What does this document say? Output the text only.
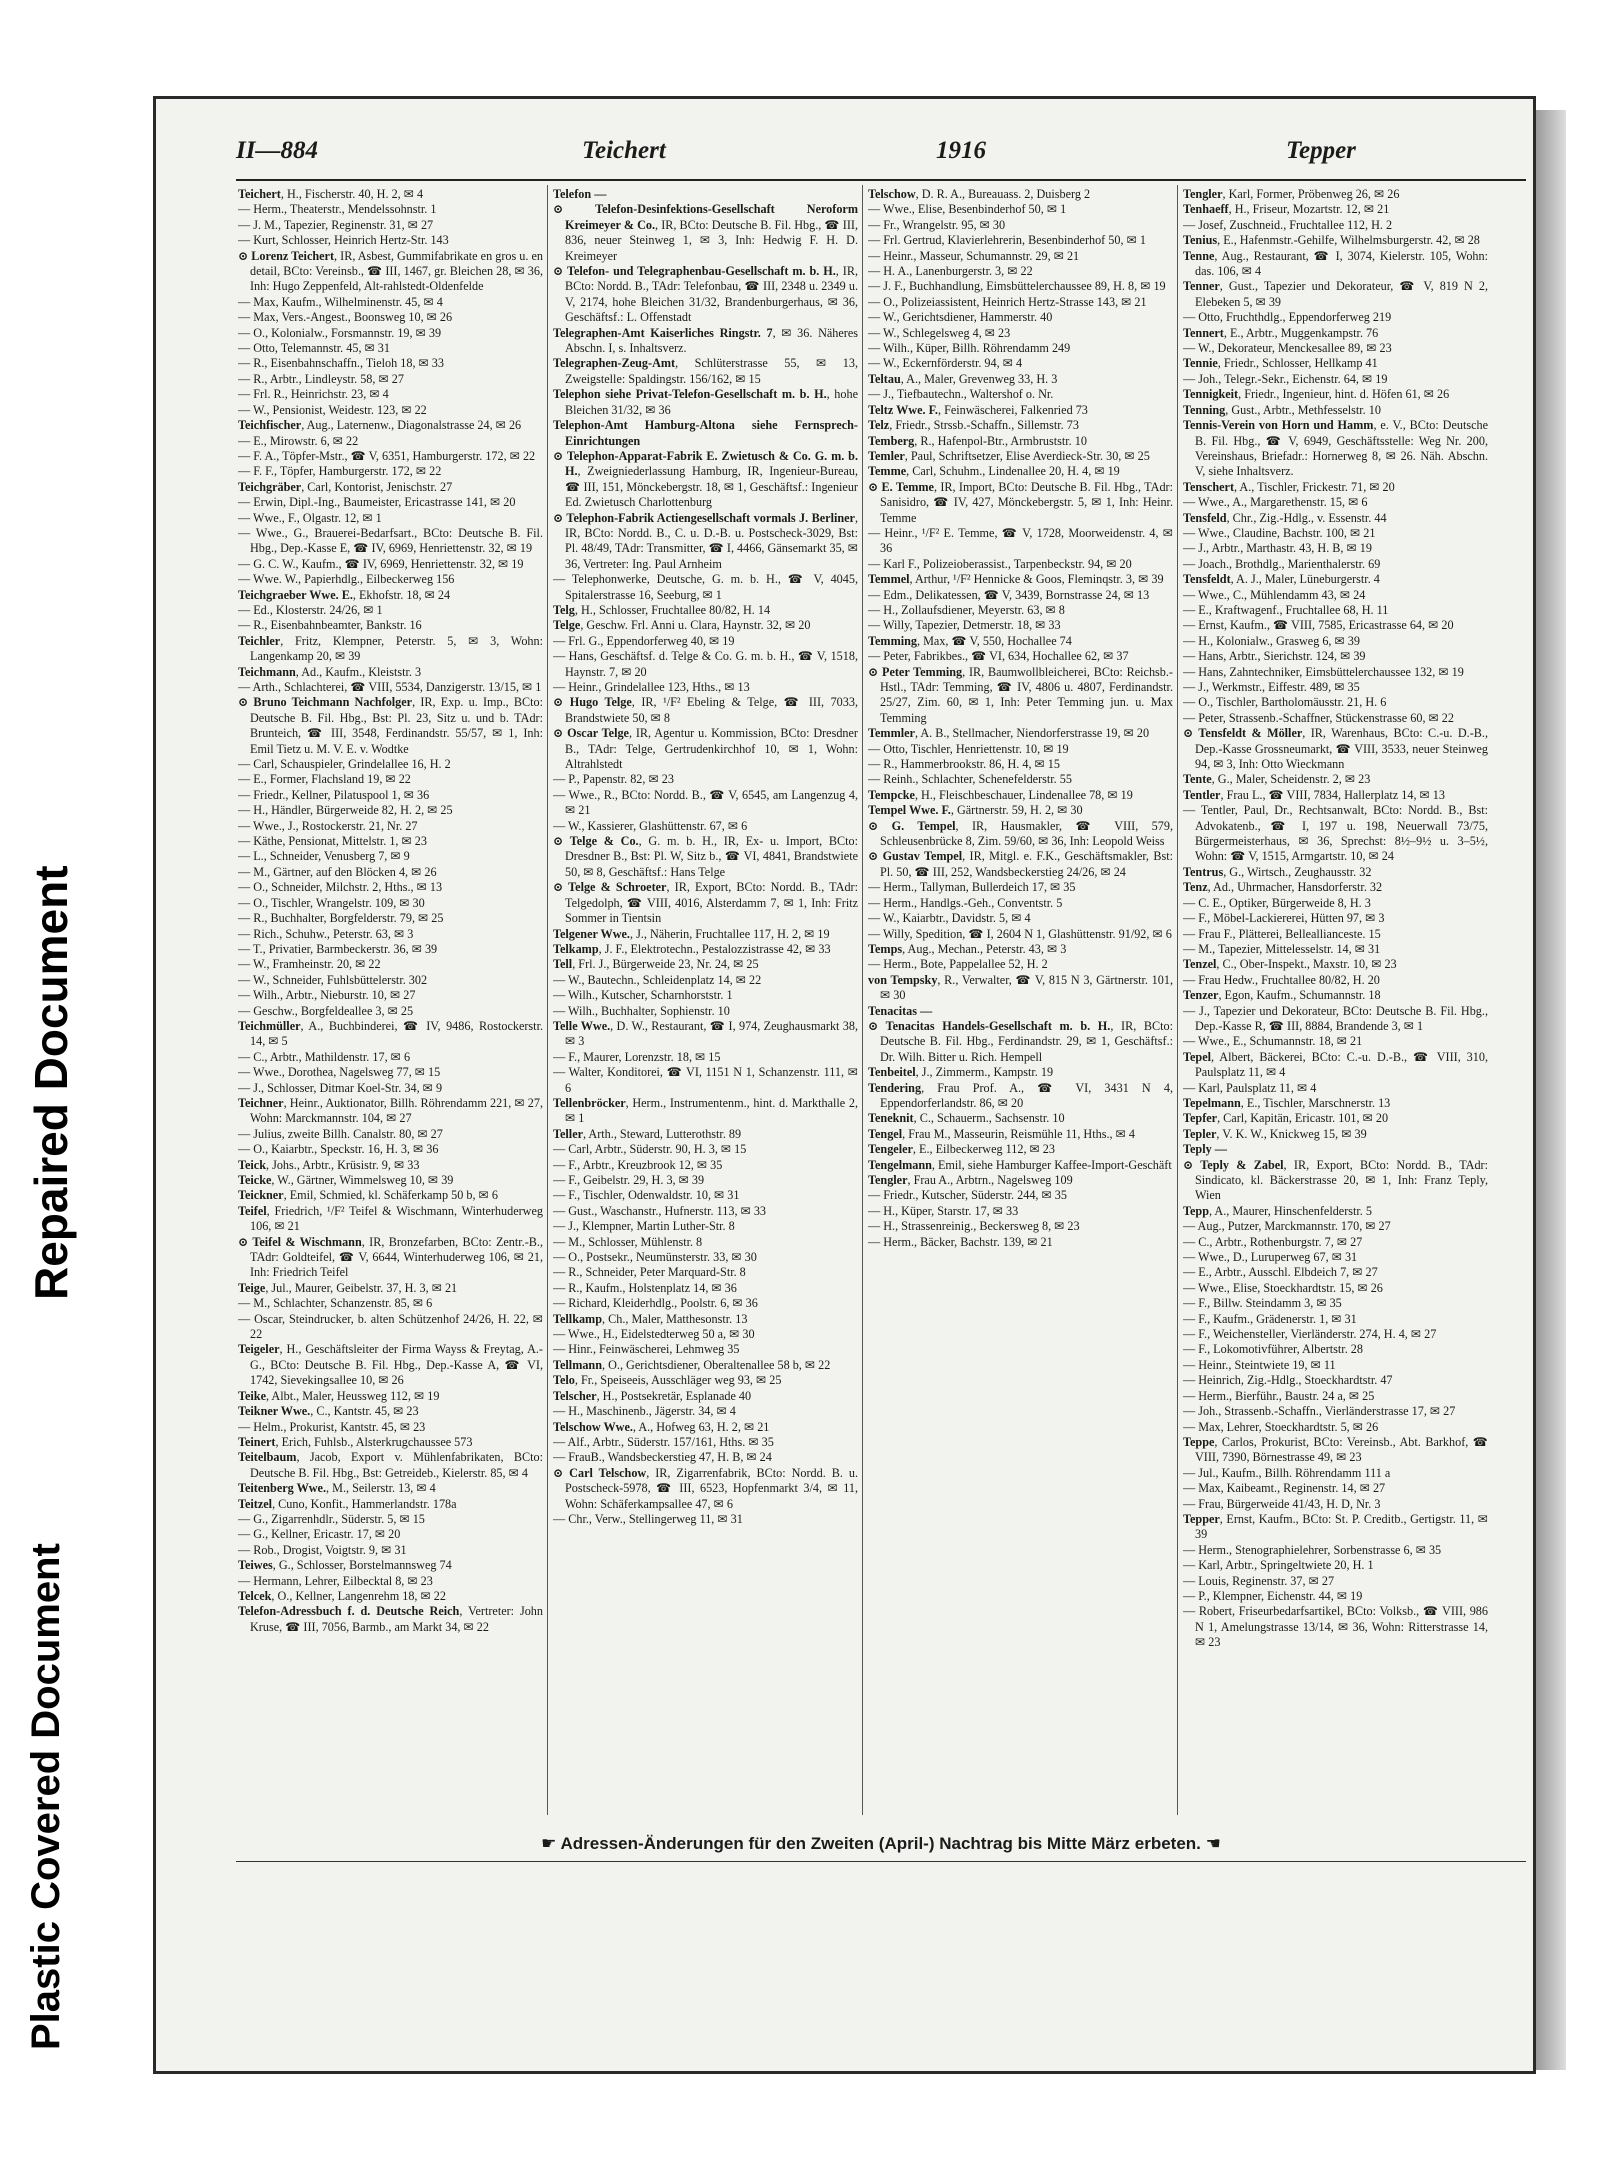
Repaired Document
Plastic Covered Document
II—884	Teichert	1916	Tepper

Teichert, H., Fischerstr. 40, H. 2, ✉ 4

— Herm., Theaterstr., Mendelssohnstr. 1

— J. M., Tapezier, Reginenstr. 31, ✉ 27

— Kurt, Schlosser, Heinrich Hertz-Str. 143

⊙ Lorenz Teichert, IR, Asbest, Gummifabrikate en gros u. en detail, BCto: Vereinsb., ☎ III, 1467, gr. Bleichen 28, ✉ 36, Inh: Hugo Zeppenfeld, Alt-rahlstedt-Oldenfelde

— Max, Kaufm., Wilhelminenstr. 45, ✉ 4

— Max, Vers.-Angest., Boonsweg 10, ✉ 26

— O., Kolonialw., Forsmannstr. 19, ✉ 39

— Otto, Telemannstr. 45, ✉ 31

— R., Eisenbahnschaffn., Tieloh 18, ✉ 33

— R., Arbtr., Lindleystr. 58, ✉ 27

— Frl. R., Heinrichstr. 23, ✉ 4

— W., Pensionist, Weidestr. 123, ✉ 22

Teichfischer, Aug., Laternenw., Diagonalstrasse 24, ✉ 26

— E., Mirowstr. 6, ✉ 22

— F. A., Töpfer-Mstr., ☎ V, 6351, Hamburgerstr. 172, ✉ 22

— F. F., Töpfer, Hamburgerstr. 172, ✉ 22

Teichgräber, Carl, Kontorist, Jenischstr. 27

— Erwin, Dipl.-Ing., Baumeister, Ericastrasse 141, ✉ 20

— Wwe., F., Olgastr. 12, ✉ 1

— Wwe., G., Brauerei-Bedarfsart., BCto: Deutsche B. Fil. Hbg., Dep.-Kasse E, ☎ IV, 6969, Henriettenstr. 32, ✉ 19

— G. C. W., Kaufm., ☎ IV, 6969, Henriettenstr. 32, ✉ 19

— Wwe. W., Papierhdlg., Eilbeckerweg 156

Teichgraeber Wwe. E., Ekhofstr. 18, ✉ 24

— Ed., Klosterstr. 24/26, ✉ 1

— R., Eisenbahnbeamter, Bankstr. 16

Teichler, Fritz, Klempner, Peterstr. 5, ✉ 3, Wohn: Langenkamp 20, ✉ 39

Teichmann, Ad., Kaufm., Kleiststr. 3

— Arth., Schlachterei, ☎ VIII, 5534, Danzigerstr. 13/15, ✉ 1

⊙ Bruno Teichmann Nachfolger, IR, Exp. u. Imp., BCto: Deutsche B. Fil. Hbg., Bst: Pl. 23, Sitz u. und b. TAdr: Brunteich, ☎ III, 3548, Ferdinandstr. 55/57, ✉ 1, Inh: Emil Tietz u. M. V. E. v. Wodtke

— Carl, Schauspieler, Grindelallee 16, H. 2

— E., Former, Flachsland 19, ✉ 22

— Friedr., Kellner, Pilatuspool 1, ✉ 36

— H., Händler, Bürgerweide 82, H. 2, ✉ 25

— Wwe., J., Rostockerstr. 21, Nr. 27

— Käthe, Pensionat, Mittelstr. 1, ✉ 23

— L., Schneider, Venusberg 7, ✉ 9

— M., Gärtner, auf den Blöcken 4, ✉ 26

— O., Schneider, Milchstr. 2, Hths., ✉ 13

— O., Tischler, Wrangelstr. 109, ✉ 30

— R., Buchhalter, Borgfelderstr. 79, ✉ 25

— Rich., Schuhw., Peterstr. 63, ✉ 3

— T., Privatier, Barmbeckerstr. 36, ✉ 39

— W., Framheinstr. 20, ✉ 22

— W., Schneider, Fuhlsbüttelerstr. 302

— Wilh., Arbtr., Nieburstr. 10, ✉ 27

— Geschw., Borgfeldeallee 3, ✉ 25

Teichmüller, A., Buchbinderei, ☎ IV, 9486, Rostockerstr. 14, ✉ 5

— C., Arbtr., Mathildenstr. 17, ✉ 6

— Wwe., Dorothea, Nagelsweg 77, ✉ 15

— J., Schlosser, Ditmar Koel-Str. 34, ✉ 9

Teichner, Heinr., Auktionator, Billh. Röhrendamm 221, ✉ 27, Wohn: Marckmannstr. 104, ✉ 27

— Julius, zweite Billh. Canalstr. 80, ✉ 27

— O., Kaiarbtr., Speckstr. 16, H. 3, ✉ 36

Teick, Johs., Arbtr., Krüsistr. 9, ✉ 33

Teicke, W., Gärtner, Wimmelsweg 10, ✉ 39

Teickner, Emil, Schmied, kl. Schäferkamp 50 b, ✉ 6

Teifel, Friedrich, ¹/F² Teifel & Wischmann, Winterhuderweg 106, ✉ 21

⊙ Teifel & Wischmann, IR, Bronzefarben, BCto: Zentr.-B., TAdr: Goldteifel, ☎ V, 6644, Winterhuderweg 106, ✉ 21, Inh: Friedrich Teifel

Teige, Jul., Maurer, Geibelstr. 37, H. 3, ✉ 21

— M., Schlachter, Schanzenstr. 85, ✉ 6

— Oscar, Steindrucker, b. alten Schützenhof 24/26, H. 22, ✉ 22

Teigeler, H., Geschäftsleiter der Firma Wayss & Freytag, A.-G., BCto: Deutsche B. Fil. Hbg., Dep.-Kasse A, ☎ VI, 1742, Sievekingsallee 10, ✉ 26

Teike, Albt., Maler, Heussweg 112, ✉ 19

Teikner Wwe., C., Kantstr. 45, ✉ 23

— Helm., Prokurist, Kantstr. 45, ✉ 23

Teinert, Erich, Fuhlsb., Alsterkrugchaussee 573

Teitelbaum, Jacob, Export v. Mühlenfabrikaten, BCto: Deutsche B. Fil. Hbg., Bst: Getreideb., Kielerstr. 85, ✉ 4

Teitenberg Wwe., M., Seilerstr. 13, ✉ 4

Teitzel, Cuno, Konfit., Hammerlandstr. 178a

— G., Zigarrenhdlr., Süderstr. 5, ✉ 15

— G., Kellner, Ericastr. 17, ✉ 20

— Rob., Drogist, Voigtstr. 9, ✉ 31

Teiwes, G., Schlosser, Borstelmannsweg 74

— Hermann, Lehrer, Eilbecktal 8, ✉ 23

Telcek, O., Kellner, Langenrehm 18, ✉ 22

Telefon-Adressbuch f. d. Deutsche Reich, Vertreter: John Kruse, ☎ III, 7056, Barmb., am Markt 34, ✉ 22

Telefon —

⊙ Telefon-Desinfektions-Gesellschaft Neroform Kreimeyer & Co., IR, BCto: Deutsche B. Fil. Hbg., ☎ III, 836, neuer Steinweg 1, ✉ 3, Inh: Hedwig F. H. D. Kreimeyer

⊙ Telefon- und Telegraphenbau-Gesellschaft m. b. H., IR, BCto: Nordd. B., TAdr: Telefonbau, ☎ III, 2348 u. 2349 u. V, 2174, hohe Bleichen 31/32, Brandenburgerhaus, ✉ 36, Geschäftsf.: L. Offenstadt

Telegraphen-Amt Kaiserliches Ringstr. 7, ✉ 36. Näheres Abschn. I, s. Inhaltsverz.

Telegraphen-Zeug-Amt, Schlüterstrasse 55, ✉ 13, Zweigstelle: Spaldingstr. 156/162, ✉ 15

Telephon siehe Privat-Telefon-Gesellschaft m. b. H., hohe Bleichen 31/32, ✉ 36

Telephon-Amt Hamburg-Altona siehe Fernsprech-Einrichtungen

⊙ Telephon-Apparat-Fabrik E. Zwietusch & Co. G. m. b. H., Zweigniederlassung Hamburg, IR, Ingenieur-Bureau, ☎ III, 151, Mönckebergstr. 18, ✉ 1, Geschäftsf.: Ingenieur Ed. Zwietusch Charlottenburg

⊙ Telephon-Fabrik Actiengesellschaft vormals J. Berliner, IR, BCto: Nordd. B., C. u. D.-B. u. Postscheck-3029, Bst: Pl. 48/49, TAdr: Transmitter, ☎ I, 4466, Gänsemarkt 35, ✉ 36, Vertreter: Ing. Paul Arnheim

— Telephonwerke, Deutsche, G. m. b. H., ☎ V, 4045, Spitalerstrasse 16, Seeburg, ✉ 1

Telg, H., Schlosser, Fruchtallee 80/82, H. 14

Telge, Geschw. Frl. Anni u. Clara, Haynstr. 32, ✉ 20

— Frl. G., Eppendorferweg 40, ✉ 19

— Hans, Geschäftsf. d. Telge & Co. G. m. b. H., ☎ V, 1518, Haynstr. 7, ✉ 20

— Heinr., Grindelallee 123, Hths., ✉ 13

⊙ Hugo Telge, IR, ¹/F² Ebeling & Telge, ☎ III, 7033, Brandstwiete 50, ✉ 8

⊙ Oscar Telge, IR, Agentur u. Kommission, BCto: Dresdner B., TAdr: Telge, Gertrudenkirchhof 10, ✉ 1, Wohn: Altrahlstedt

— P., Papenstr. 82, ✉ 23

— Wwe., R., BCto: Nordd. B., ☎ V, 6545, am Langenzug 4, ✉ 21

— W., Kassierer, Glashüttenstr. 67, ✉ 6

⊙ Telge & Co., G. m. b. H., IR, Ex- u. Import, BCto: Dresdner B., Bst: Pl. W, Sitz b., ☎ VI, 4841, Brandstwiete 50, ✉ 8, Geschäftsf.: Hans Telge

⊙ Telge & Schroeter, IR, Export, BCto: Nordd. B., TAdr: Telgedolph, ☎ VIII, 4016, Alsterdamm 7, ✉ 1, Inh: Fritz Sommer in Tientsin

Telgener Wwe., J., Näherin, Fruchtallee 117, H. 2, ✉ 19

Telkamp, J. F., Elektrotechn., Pestalozzistrasse 42, ✉ 33

Tell, Frl. J., Bürgerweide 23, Nr. 24, ✉ 25

— W., Bautechn., Schleidenplatz 14, ✉ 22

— Wilh., Kutscher, Scharnhorststr. 1

— Wilh., Buchhalter, Sophienstr. 10

Telle Wwe., D. W., Restaurant, ☎ I, 974, Zeughausmarkt 38, ✉ 3

— F., Maurer, Lorenzstr. 18, ✉ 15

— Walter, Konditorei, ☎ VI, 1151 N 1, Schanzenstr. 111, ✉ 6

Tellenbröcker, Herm., Instrumentenm., hint. d. Markthalle 2, ✉ 1

Teller, Arth., Steward, Lutterothstr. 89

— Carl, Arbtr., Süderstr. 90, H. 3, ✉ 15

— F., Arbtr., Kreuzbrook 12, ✉ 35

— F., Geibelstr. 29, H. 3, ✉ 39

— F., Tischler, Odenwaldstr. 10, ✉ 31

— Gust., Waschanstr., Hufnerstr. 113, ✉ 33

— J., Klempner, Martin Luther-Str. 8

— M., Schlosser, Mühlenstr. 8

— O., Postsekr., Neumünsterstr. 33, ✉ 30

— R., Schneider, Peter Marquard-Str. 8

— R., Kaufm., Holstenplatz 14, ✉ 36

— Richard, Kleiderhdlg., Poolstr. 6, ✉ 36

Tellkamp, Ch., Maler, Matthesonstr. 13

— Wwe., H., Eidelstedterweg 50 a, ✉ 30

— Hinr., Feinwäscherei, Lehmweg 35

Tellmann, O., Gerichtsdiener, Oberaltenallee 58 b, ✉ 22

Telo, Fr., Speiseeis, Ausschläger weg 93, ✉ 25

Telscher, H., Postsekretär, Esplanade 40

— H., Maschinenb., Jägerstr. 34, ✉ 4

Telschow Wwe., A., Hofweg 63, H. 2, ✉ 21

— Alf., Arbtr., Süderstr. 157/161, Hths. ✉ 35

— FrauB., Wandsbeckerstieg 47, H. B, ✉ 24

⊙ Carl Telschow, IR, Zigarrenfabrik, BCto: Nordd. B. u. Postscheck-5978, ☎ III, 6523, Hopfenmarkt 3/4, ✉ 11, Wohn: Schäferkampsallee 47, ✉ 6

— Chr., Verw., Stellingerweg 11, ✉ 31

Telschow, D. R. A., Bureauass. 2, Duisberg 2

— Wwe., Elise, Besenbinderhof 50, ✉ 1

— Fr., Wrangelstr. 95, ✉ 30

— Frl. Gertrud, Klavierlehrerin, Besenbinderhof 50, ✉ 1

— Heinr., Masseur, Schumannstr. 29, ✉ 21

— H. A., Lanenburgerstr. 3, ✉ 22

— J. F., Buchhandlung, Eimsbüttelerchaussee 89, H. 8, ✉ 19

— O., Polizeiassistent, Heinrich Hertz-Strasse 143, ✉ 21

— W., Gerichtsdiener, Hammerstr. 40

— W., Schlegelsweg 4, ✉ 23

— Wilh., Küper, Billh. Röhrendamm 249

— W., Eckernförderstr. 94, ✉ 4

Teltau, A., Maler, Grevenweg 33, H. 3

— J., Tiefbautechn., Waltershof o. Nr.

Teltz Wwe. F., Feinwäscherei, Falkenried 73

Telz, Friedr., Strssb.-Schaffn., Sillemstr. 73

Temberg, R., Hafenpol-Btr., Armbruststr. 10

Temler, Paul, Schriftsetzer, Elise Averdieck-Str. 30, ✉ 25

Temme, Carl, Schuhm., Lindenallee 20, H. 4, ✉ 19

⊙ E. Temme, IR, Import, BCto: Deutsche B. Fil. Hbg., TAdr: Sanisidro, ☎ IV, 427, Mönckebergstr. 5, ✉ 1, Inh: Heinr. Temme

— Heinr., ¹/F² E. Temme, ☎ V, 1728, Moorweidenstr. 4, ✉ 36

— Karl F., Polizeioberassist., Tarpenbeckstr. 94, ✉ 20

Temmel, Arthur, ¹/F² Hennicke & Goos, Fleminqstr. 3, ✉ 39

— Edm., Delikatessen, ☎ V, 3439, Bornstrasse 24, ✉ 13

— H., Zollaufsdiener, Meyerstr. 63, ✉ 8

— Willy, Tapezier, Detmerstr. 18, ✉ 33

Temming, Max, ☎ V, 550, Hochallee 74

— Peter, Fabrikbes., ☎ VI, 634, Hochallee 62, ✉ 37

⊙ Peter Temming, IR, Baumwollbleicherei, BCto: Reichsb.-Hstl., TAdr: Temming, ☎ IV, 4806 u. 4807, Ferdinandstr. 25/27, Zim. 60, ✉ 1, Inh: Peter Temming jun. u. Max Temming

Temmler, A. B., Stellmacher, Niendorferstrasse 19, ✉ 20

— Otto, Tischler, Henriettenstr. 10, ✉ 19

— R., Hammerbrookstr. 86, H. 4, ✉ 15

— Reinh., Schlachter, Schenefelderstr. 55

Tempcke, H., Fleischbeschauer, Lindenallee 78, ✉ 19

Tempel Wwe. F., Gärtnerstr. 59, H. 2, ✉ 30

⊙ G. Tempel, IR, Hausmakler, ☎ VIII, 579, Schleusenbrücke 8, Zim. 59/60, ✉ 36, Inh: Leopold Weiss

⊙ Gustav Tempel, IR, Mitgl. e. F.K., Geschäftsmakler, Bst: Pl. 50, ☎ III, 252, Wandsbeckerstieg 24/26, ✉ 24

— Herm., Tallyman, Bullerdeich 17, ✉ 35

— Herm., Handlgs.-Geh., Conventstr. 5

— W., Kaiarbtr., Davidstr. 5, ✉ 4

— Willy, Spedition, ☎ I, 2604 N 1, Glashüttenstr. 91/92, ✉ 6

Temps, Aug., Mechan., Peterstr. 43, ✉ 3

— Herm., Bote, Pappelallee 52, H. 2

von Tempsky, R., Verwalter, ☎ V, 815 N 3, Gärtnerstr. 101, ✉ 30

Tenacitas —

⊙ Tenacitas Handels-Gesellschaft m. b. H., IR, BCto: Deutsche B. Fil. Hbg., Ferdinandstr. 29, ✉ 1, Geschäftsf.: Dr. Wilh. Bitter u. Rich. Hempell

Tenbeitel, J., Zimmerm., Kampstr. 19

Tendering, Frau Prof. A., ☎ VI, 3431 N 4, Eppendorferlandstr. 86, ✉ 20

Teneknit, C., Schauerm., Sachsenstr. 10

Tengel, Frau M., Masseurin, Reismühle 11, Hths., ✉ 4

Tengeler, E., Eilbeckerweg 112, ✉ 23

Tengelmann, Emil, siehe Hamburger Kaffee-Import-Geschäft

Tengler, Frau A., Arbtrn., Nagelsweg 109

— Friedr., Kutscher, Süderstr. 244, ✉ 35

— H., Küper, Starstr. 17, ✉ 33

— H., Strassenreinig., Beckersweg 8, ✉ 23

— Herm., Bäcker, Bachstr. 139, ✉ 21

Tengler, Karl, Former, Pröbenweg 26, ✉ 26

Tenhaeff, H., Friseur, Mozartstr. 12, ✉ 21

— Josef, Zuschneid., Fruchtallee 112, H. 2

Tenius, E., Hafenmstr.-Gehilfe, Wilhelmsburgerstr. 42, ✉ 28

Tenne, Aug., Restaurant, ☎ I, 3074, Kielerstr. 105, Wohn: das. 106, ✉ 4

Tenner, Gust., Tapezier und Dekorateur, ☎ V, 819 N 2, Elebeken 5, ✉ 39

— Otto, Fruchthdlg., Eppendorferweg 219

Tennert, E., Arbtr., Muggenkampstr. 76

— W., Dekorateur, Menckesallee 89, ✉ 23

Tennie, Friedr., Schlosser, Hellkamp 41

— Joh., Telegr.-Sekr., Eichenstr. 64, ✉ 19

Tennigkeit, Friedr., Ingenieur, hint. d. Höfen 61, ✉ 26

Tenning, Gust., Arbtr., Methfesselstr. 10

Tennis-Verein von Horn und Hamm, e. V., BCto: Deutsche B. Fil. Hbg., ☎ V, 6949, Geschäftsstelle: Weg Nr. 200, Vereinshaus, Briefadr.: Hornerweg 8, ✉ 26. Näh. Abschn. V, siehe Inhaltsverz.

Tenschert, A., Tischler, Frickestr. 71, ✉ 20

— Wwe., A., Margarethenstr. 15, ✉ 6

Tensfeld, Chr., Zig.-Hdlg., v. Essenstr. 44

— Wwe., Claudine, Bachstr. 100, ✉ 21

— J., Arbtr., Marthastr. 43, H. B, ✉ 19

— Joach., Brothdlg., Marienthalerstr. 69

Tensfeldt, A. J., Maler, Lüneburgerstr. 4

— Wwe., C., Mühlendamm 43, ✉ 24

— E., Kraftwagenf., Fruchtallee 68, H. 11

— Ernst, Kaufm., ☎ VIII, 7585, Ericastrasse 64, ✉ 20

— H., Kolonialw., Grasweg 6, ✉ 39

— Hans, Arbtr., Sierichstr. 124, ✉ 39

— Hans, Zahntechniker, Eimsbüttelerchaussee 132, ✉ 19

— J., Werkmstr., Eiffestr. 489, ✉ 35

— O., Tischler, Bartholomäusstr. 21, H. 6

— Peter, Strassenb.-Schaffner, Stückenstrasse 60, ✉ 22

⊙ Tensfeldt & Möller, IR, Warenhaus, BCto: C.-u. D.-B., Dep.-Kasse Grossneumarkt, ☎ VIII, 3533, neuer Steinweg 94, ✉ 3, Inh: Otto Wieckmann

Tente, G., Maler, Scheidenstr. 2, ✉ 23

Tentler, Frau L., ☎ VIII, 7834, Hallerplatz 14, ✉ 13

— Tentler, Paul, Dr., Rechtsanwalt, BCto: Nordd. B., Bst: Advokatenb., ☎ I, 197 u. 198, Neuerwall 73/75, Bürgermeisterhaus, ✉ 36, Sprechst: 8½–9½ u. 3–5½, Wohn: ☎ V, 1515, Armgartstr. 10, ✉ 24

Tentrus, G., Wirtsch., Zeughausstr. 32

Tenz, Ad., Uhrmacher, Hansdorferstr. 32

— C. E., Optiker, Bürgerweide 8, H. 3

— F., Möbel-Lackiererei, Hütten 97, ✉ 3

— Frau F., Plätterei, Belleallianceste. 15

— M., Tapezier, Mittelesselstr. 14, ✉ 31

Tenzel, C., Ober-Inspekt., Maxstr. 10, ✉ 23

— Frau Hedw., Fruchtallee 80/82, H. 20

Tenzer, Egon, Kaufm., Schumannstr. 18

— J., Tapezier und Dekorateur, BCto: Deutsche B. Fil. Hbg., Dep.-Kasse R, ☎ III, 8884, Brandende 3, ✉ 1

— Wwe., E., Schumannstr. 18, ✉ 21

Tepel, Albert, Bäckerei, BCto: C.-u. D.-B., ☎ VIII, 310, Paulsplatz 11, ✉ 4

— Karl, Paulsplatz 11, ✉ 4

Tepelmann, E., Tischler, Marschnerstr. 13

Tepfer, Carl, Kapitän, Ericastr. 101, ✉ 20

Tepler, V. K. W., Knickweg 15, ✉ 39

Teply —

⊙ Teply & Zabel, IR, Export, BCto: Nordd. B., TAdr: Sindicato, kl. Bäckerstrasse 20, ✉ 1, Inh: Franz Teply, Wien

Tepp, A., Maurer, Hinschenfelderstr. 5

— Aug., Putzer, Marckmannstr. 170, ✉ 27

— C., Arbtr., Rothenburgstr. 7, ✉ 27

— Wwe., D., Luruperweg 67, ✉ 31

— E., Arbtr., Ausschl. Elbdeich 7, ✉ 27

— Wwe., Elise, Stoeckhardtstr. 15, ✉ 26

— F., Billw. Steindamm 3, ✉ 35

— F., Kaufm., Grädenerstr. 1, ✉ 31

— F., Weichensteller, Vierländerstr. 274, H. 4, ✉ 27

— F., Lokomotivführer, Albertstr. 28

— Heinr., Steintwiete 19, ✉ 11

— Heinrich, Zig.-Hdlg., Stoeckhardtstr. 47

— Herm., Bierführ., Baustr. 24 a, ✉ 25

— Joh., Strassenb.-Schaffn., Vierländerstrasse 17, ✉ 27

— Max, Lehrer, Stoeckhardtstr. 5, ✉ 26

Teppe, Carlos, Prokurist, BCto: Vereinsb., Abt. Barkhof, ☎ VIII, 7390, Börnestrasse 49, ✉ 23

— Jul., Kaufm., Billh. Röhrendamm 111 a

— Max, Kaibeamt., Reginenstr. 14, ✉ 27

— Frau, Bürgerweide 41/43, H. D, Nr. 3

Tepper, Ernst, Kaufm., BCto: St. P. Creditb., Gertigstr. 11, ✉ 39

— Herm., Stenographielehrer, Sorbenstrasse 6, ✉ 35

— Karl, Arbtr., Springeltwiete 20, H. 1

— Louis, Reginenstr. 37, ✉ 27

— P., Klempner, Eichenstr. 44, ✉ 19

— Robert, Friseurbedarfsartikel, BCto: Volksb., ☎ VIII, 986 N 1, Amelungstrasse 13/14, ✉ 36, Wohn: Ritterstrasse 14, ✉ 23

☛ Adressen-Änderungen für den Zweiten (April-) Nachtrag bis Mitte März erbeten. ☚
